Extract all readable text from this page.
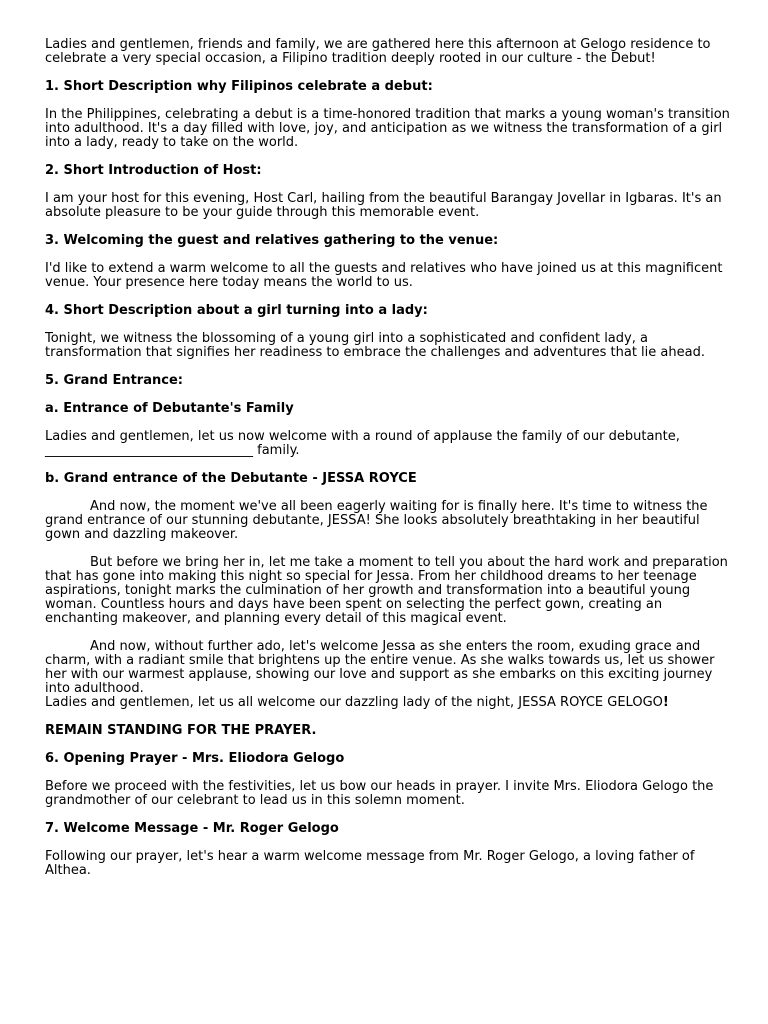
Ladies and gentlemen, friends and family, we are gathered here this afternoon at Gelogo residence to celebrate a very special occasion, a Filipino tradition deeply rooted in our culture - the Debut!

1. Short Description why Filipinos celebrate a debut:

In the Philippines, celebrating a debut is a time-honored tradition that marks a young woman's transition into adulthood. It's a day filled with love, joy, and anticipation as we witness the transformation of a girl into a lady, ready to take on the world.

2. Short Introduction of Host:

I am your host for this evening, Host Carl, hailing from the beautiful Barangay Jovellar in Igbaras. It's an absolute pleasure to be your guide through this memorable event.

3. Welcoming the guest and relatives gathering to the venue:

I'd like to extend a warm welcome to all the guests and relatives who have joined us at this magnificent venue. Your presence here today means the world to us.

4. Short Description about a girl turning into a lady:

Tonight, we witness the blossoming of a young girl into a sophisticated and confident lady, a transformation that signifies her readiness to embrace the challenges and adventures that lie ahead.

5. Grand Entrance:

a. Entrance of Debutante's Family

Ladies and gentlemen, let us now welcome with a round of applause the family of our debutante, ________________________________ family.

b. Grand entrance of the Debutante - JESSA ROYCE

And now, the moment we've all been eagerly waiting for is finally here. It's time to witness the grand entrance of our stunning debutante, JESSA! She looks absolutely breathtaking in her beautiful gown and dazzling makeover.

But before we bring her in, let me take a moment to tell you about the hard work and preparation that has gone into making this night so special for Jessa. From her childhood dreams to her teenage aspirations, tonight marks the culmination of her growth and transformation into a beautiful young woman. Countless hours and days have been spent on selecting the perfect gown, creating an enchanting makeover, and planning every detail of this magical event.

And now, without further ado, let's welcome Jessa as she enters the room, exuding grace and charm, with a radiant smile that brightens up the entire venue. As she walks towards us, let us shower her with our warmest applause, showing our love and support as she embarks on this exciting journey into adulthood.

Ladies and gentlemen, let us all welcome our dazzling lady of the night, JESSA ROYCE GELOGO!

REMAIN STANDING FOR THE PRAYER.

6. Opening Prayer - Mrs. Eliodora Gelogo

Before we proceed with the festivities, let us bow our heads in prayer. I invite Mrs. Eliodora Gelogo the grandmother of our celebrant to lead us in this solemn moment.

7. Welcome Message - Mr. Roger Gelogo

Following our prayer, let's hear a warm welcome message from Mr. Roger Gelogo, a loving father of Althea.
